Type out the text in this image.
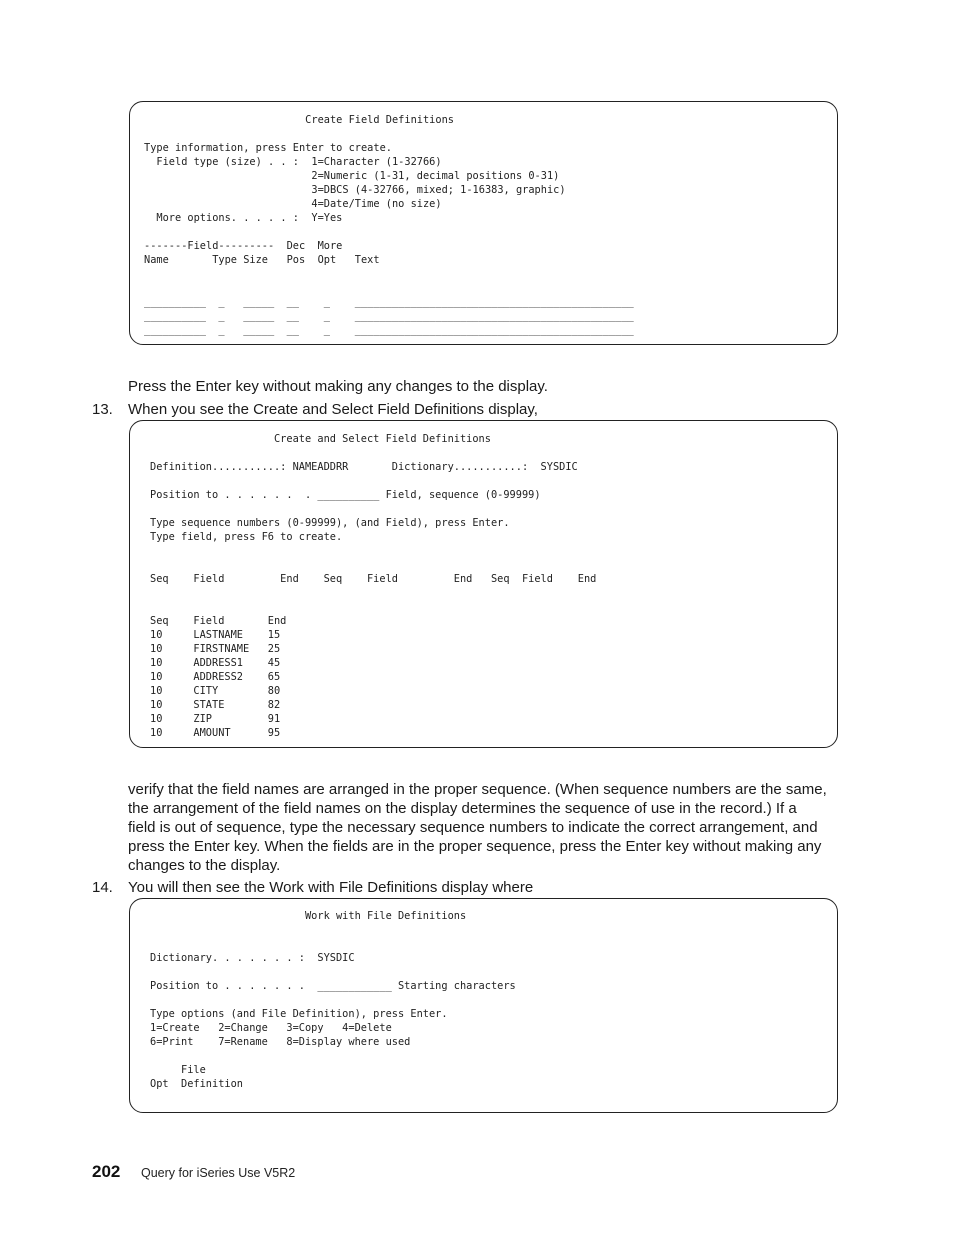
Create Field Definitions

Type information, press Enter to create.
Field type (size) . . :  1=Character (1-32766)
2=Numeric (1-31, decimal positions 0-31)
3=DBCS (4-32766, mixed; 1-16383, graphic)
4=Date/Time (no size)
More options. . . . . :  Y=Yes

-------Field---------  Dec  More
Name       Type Size   Pos  Opt   Text

__________  _   _____  __    _    _____________________________________________
__________  _   _____  __    _    _____________________________________________
__________  _   _____  __    _    _____________________________________________

Press the Enter key without making any changes to the display.
13. When you see the Create and Select Field Definitions display,
Create and Select Field Definitions

Definition...........: NAMEADDRR       Dictionary...........:  SYSDIC

Position to . . . . . .  . __________ Field, sequence (0-99999)

Type sequence numbers (0-99999), (and Field), press Enter.
Type field, press F6 to create.

Seq    Field         End    Seq    Field         End   Seq  Field    End

Seq    Field       End
10     LASTNAME    15
10     FIRSTNAME   25
10     ADDRESS1    45
10     ADDRESS2    65
10     CITY        80
10     STATE       82
10     ZIP         91
10     AMOUNT      95

verify that the field names are arranged in the proper sequence. (When sequence numbers are the same, the arrangement of the field names on the display determines the sequence of use in the record.) If a field is out of sequence, type the necessary sequence numbers to indicate the correct arrangement, and press the Enter key. When the fields are in the proper sequence, press the Enter key without making any changes to the display.
14. You will then see the Work with File Definitions display where
Work with File Definitions

Dictionary. . . . . . . :  SYSDIC

Position to . . . . . . .  ____________ Starting characters

Type options (and File Definition), press Enter.
1=Create   2=Change   3=Copy   4=Delete
6=Print    7=Rename   8=Display where used

File
Opt  Definition

202 Query for iSeries Use V5R2
